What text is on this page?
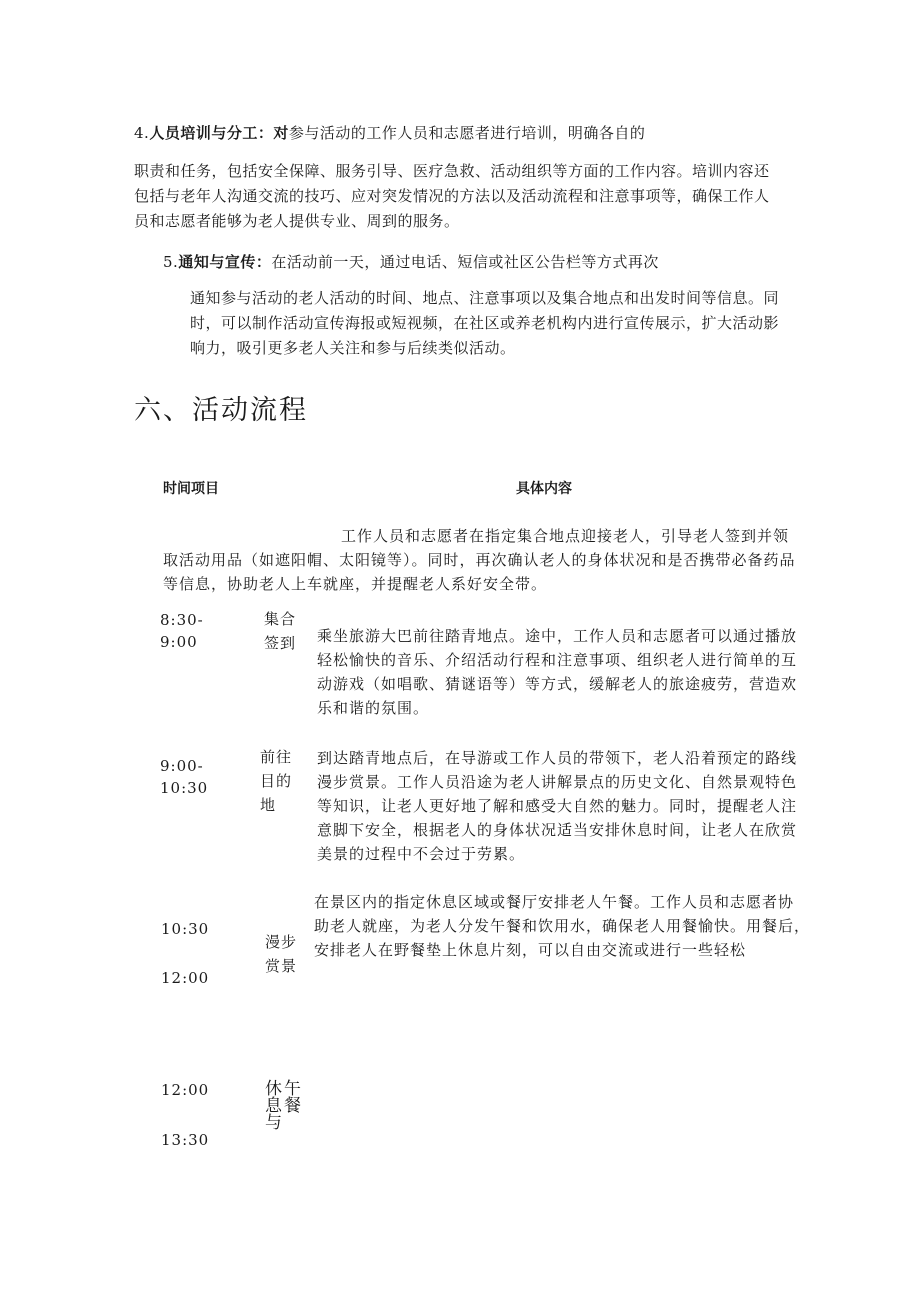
4.人员培训与分工：对参与活动的工作人员和志愿者进行培训，明确各自的
职责和任务，包括安全保障、服务引导、医疗急救、活动组织等方面的工作内容。培训内容还
包括与老年人沟通交流的技巧、应对突发情况的方法以及活动流程和注意事项等，确保工作人
员和志愿者能够为老人提供专业、周到的服务。
5.通知与宣传：在活动前一天，通过电话、短信或社区公告栏等方式再次
通知参与活动的老人活动的时间、地点、注意事项以及集合地点和出发时间等信息。同
时，可以制作活动宣传海报或短视频，在社区或养老机构内进行宣传展示，扩大活动影
响力，吸引更多老人关注和参与后续类似活动。
六、活动流程
时间项目	具体内容
工作人员和志愿者在指定集合地点迎接老人，引导老人签到并领
取活动用品（如遮阳帽、太阳镜等）。同时，再次确认老人的身体状况和是否携带必备药品
等信息，协助老人上车就座，并提醒老人系好安全带。
8:30-
9:00
集合
签到 乘坐旅游大巴前往踏青地点。途中，工作人员和志愿者可以通过播放
轻松愉快的音乐、介绍活动行程和注意事项、组织老人进行简单的互
动游戏（如唱歌、猜谜语等）等方式，缓解老人的旅途疲劳，营造欢
乐和谐的氛围。
9:00-
10:30
前往
目的
地
到达踏青地点后，在导游或工作人员的带领下，老人沿着预定的路线
漫步赏景。工作人员沿途为老人讲解景点的历史文化、自然景观特色
等知识，让老人更好地了解和感受大自然的魅力。同时，提醒老人注
意脚下安全，根据老人的身体状况适当安排休息时间，让老人在欣赏
美景的过程中不会过于劳累。
在景区内的指定休息区域或餐厅安排老人午餐。工作人员和志愿者协
助老人就座，为老人分发午餐和饮用水，确保老人用餐愉快。用餐后，
安排老人在野餐垫上休息片刻，可以自由交流或进行一些轻松
10:30
12:00
漫步
赏景
12:00
13:30
午餐
休息与
